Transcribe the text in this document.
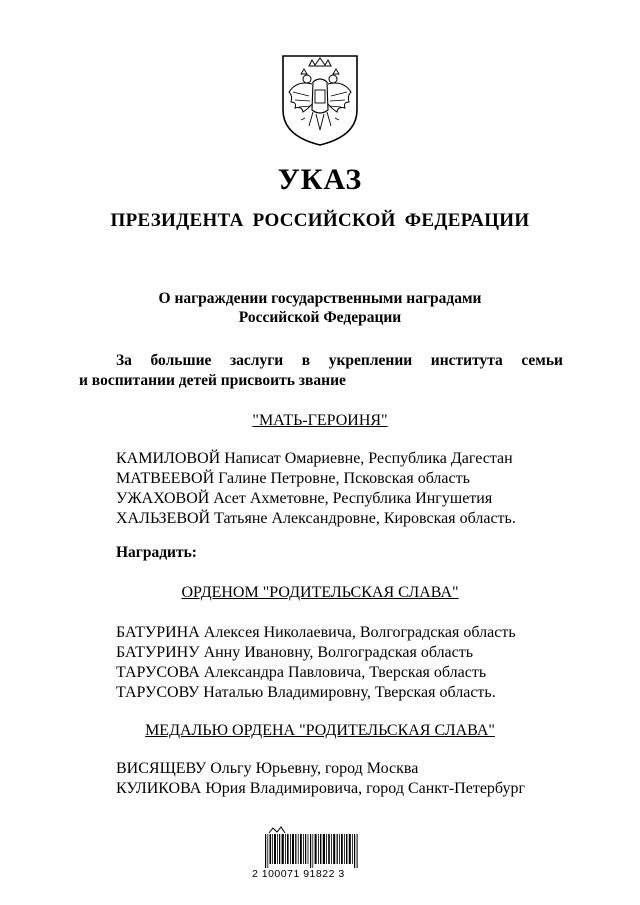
УКАЗ
ПРЕЗИДЕНТА РОССИЙСКОЙ ФЕДЕРАЦИИ
О награждении государственными наградами
Российской Федерации
За большие заслуги в укреплении института семьи
и воспитании детей присвоить звание
"МАТЬ-ГЕРОИНЯ"
КАМИЛОВОЙ Написат Омариевне, Республика Дагестан
МАТВЕЕВОЙ Галине Петровне, Псковская область
УЖАХОВОЙ Асет Ахметовне, Республика Ингушетия
ХАЛЬЗЕВОЙ Татьяне Александровне, Кировская область.
Наградить:
ОРДЕНОМ "РОДИТЕЛЬСКАЯ СЛАВА"
БАТУРИНА Алексея Николаевича, Волгоградская область
БАТУРИНУ Анну Ивановну, Волгоградская область
ТАРУСОВА Александра Павловича, Тверская область
ТАРУСОВУ Наталью Владимировну, Тверская область.
МЕДАЛЬЮ ОРДЕНА "РОДИТЕЛЬСКАЯ СЛАВА"
ВИСЯЩЕВУ Ольгу Юрьевну, город Москва
КУЛИКОВА Юрия Владимировича, город Санкт-Петербург
2 100071 91822 3
